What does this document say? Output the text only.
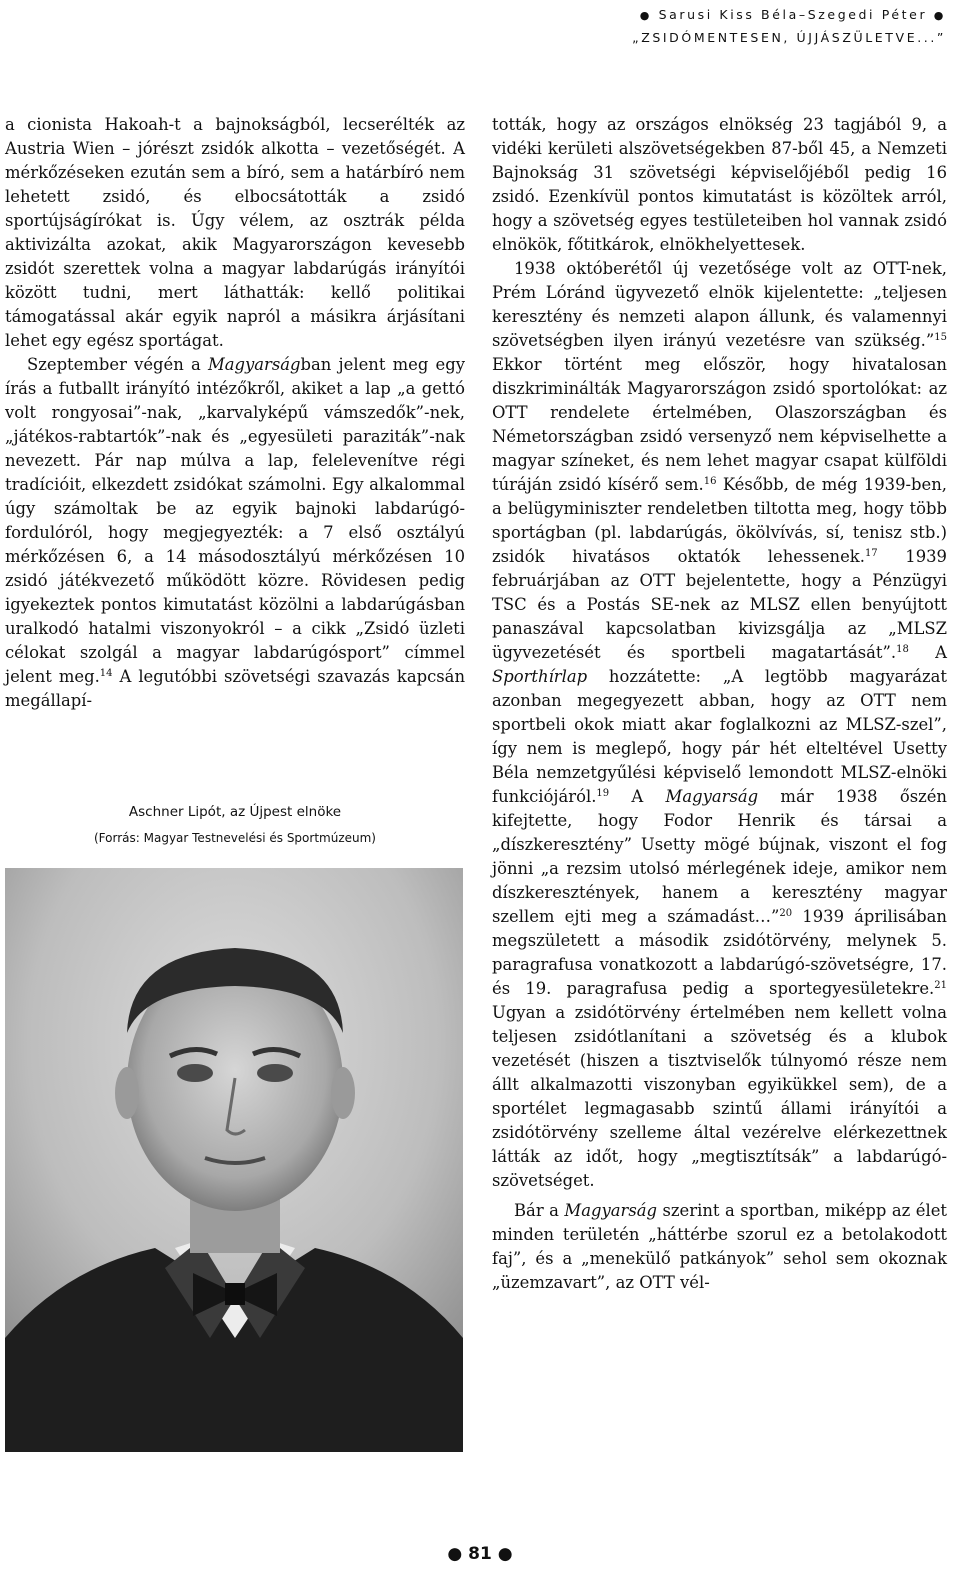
● Sarusi Kiss Béla–Szegedi Péter ●
„ZSIDÓMENTESEN, ÚJJÁSZÜLETVE...”

a cionista Hakoah-t a bajnokságból, lecserélték az Austria Wien – jórészt zsidók alkotta – vezetőségét. A mérkőzéseken ezután sem a bíró, sem a határbíró nem lehetett zsidó, és elbocsátották a zsidó sportújságírókat is. Úgy vélem, az osztrák példa aktivizálta azokat, akik Magyarországon kevesebb zsidót szerettek volna a magyar labdarúgás irányítói között tudni, mert láthatták: kellő politikai támogatással akár egyik napról a másikra árjásítani lehet egy egész sportágat.

Szeptember végén a Magyarságban jelent meg egy írás a futballt irányító intézőkről, akiket a lap „a gettó volt rongyosai”-nak, „karvalyképű vámszedők”-nek, „játékos-rabtartók”-nak és „egyesületi paraziták”-nak nevezett. Pár nap múlva a lap, felelevenítve régi tradícióit, elkezdett zsidókat számolni. Egy alkalommal úgy számoltak be az egyik bajnoki labdarúgó-fordulóról, hogy megjegyezték: a 7 első osztályú mérkőzésen 6, a 14 másodosztályú mérkőzésen 10 zsidó játékvezető működött közre. Rövidesen pedig igyekeztek pontos kimutatást közölni a labdarúgásban uralkodó hatalmi viszonyokról – a cikk „Zsidó üzleti célokat szolgál a magyar labdarúgósport” címmel jelent meg.$^{14}$ A legutóbbi szövetségi szavazás kapcsán megállapí-

Aschner Lipót, az Újpest elnöke
(Forrás: Magyar Testnevelési és Sportmúzeum)

tották, hogy az országos elnökség 23 tagjából 9, a vidéki kerületi alszövetségekben 87-ből 45, a Nemzeti Bajnokság 31 szövetségi képviselőjéből pedig 16 zsidó. Ezenkívül pontos kimutatást is közöltek arról, hogy a szövetség egyes testületeiben hol vannak zsidó elnökök, főtitkárok, elnökhelyettesek.

1938 októberétől új vezetősége volt az OTT-nek, Prém Lóránd ügyvezető elnök kijelentette: „teljesen keresztény és nemzeti alapon állunk, és valamennyi szövetségben ilyen irányú vezetésre van szükség.”$^{15}$ Ekkor történt meg először, hogy hivatalosan diszkriminálták Magyarországon zsidó sportolókat: az OTT rendelete értelmében, Olaszországban és Németországban zsidó versenyző nem képviselhette a magyar színeket, és nem lehet magyar csapat külföldi túráján zsidó kísérő sem.$^{16}$ Később, de még 1939-ben, a belügyminiszter rendeletben tiltotta meg, hogy több sportágban (pl. labdarúgás, ökölvívás, sí, tenisz stb.) zsidók hivatásos oktatók lehessenek.$^{17}$ 1939 februárjában az OTT bejelentette, hogy a Pénzügyi TSC és a Postás SE-nek az MLSZ ellen benyújtott panaszával kapcsolatban kivizsgálja az „MLSZ ügyvezetését és sportbeli magatartását”.$^{18}$ A Sporthírlap hozzátette: „A legtöbb magyarázat azonban megegyezett abban, hogy az OTT nem sportbeli okok miatt akar foglalkozni az MLSZ-szel”, így nem is meglepő, hogy pár hét elteltével Usetty Béla nemzetgyűlési képviselő lemondott MLSZ-elnöki funkciójáról.$^{19}$ A Magyarság már 1938 őszén kifejtette, hogy Fodor Henrik és társai a „díszkeresztény” Usetty mögé bújnak, viszont el fog jönni „a rezsim utolsó mérlegének ideje, amikor nem díszkeresztények, hanem a keresztény magyar szellem ejti meg a számadást…”$^{20}$ 1939 áprilisában megszületett a második zsidótörvény, melynek 5. paragrafusa vonatkozott a labdarúgó-szövetségre, 17. és 19. paragrafusa pedig a sportegyesületekre.$^{21}$ Ugyan a zsidótörvény értelmében nem kellett volna teljesen zsidótlanítani a szövetség és a klubok vezetését (hiszen a tisztviselők túlnyomó része nem állt alkalmazotti viszonyban egyikükkel sem), de a sportélet legmagasabb szintű állami irányítói a zsidótörvény szelleme által vezérelve elérkezettnek látták az időt, hogy „megtisztítsák” a labdarúgó-szövetséget.

Bár a Magyarság szerint a sportban, miképp az élet minden területén „háttérbe szorul ez a betolakodott faj”, és a „menekülő patkányok” sehol sem okoznak „üzemzavart”, az OTT vél-

● 81 ●
